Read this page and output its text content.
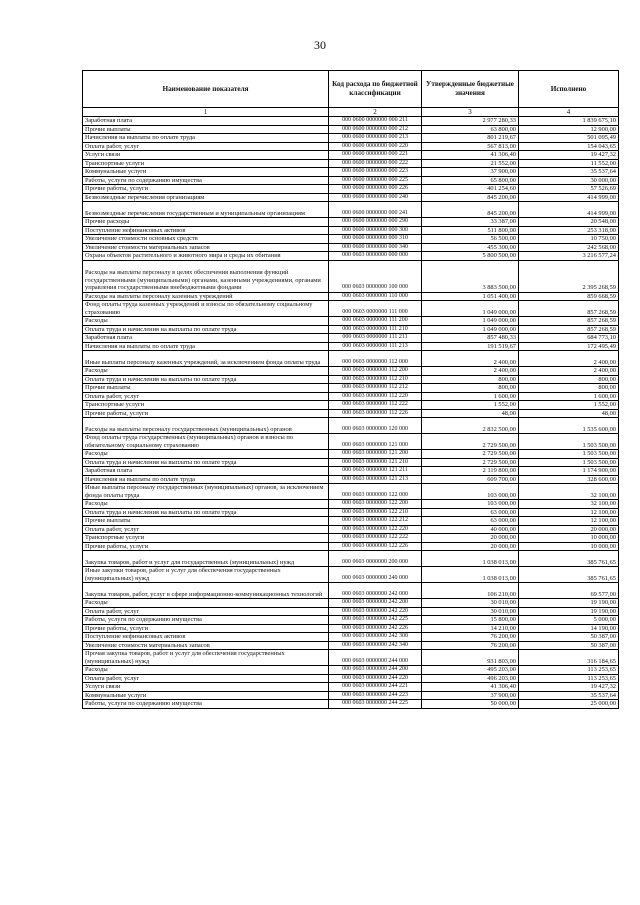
30
Наименование показателя	Код расхода по бюджетной классификации	Утвержденные бюджетные значения	Исполнено
1	2	3	4
Заработная плата	000 0600 0000000 000 211	2 977 280,33	1 839 675,10
Прочие выплаты	000 0600 0000000 000 212	63 800,00	12 900,00
Начисления на выплаты по оплате труда	000 0600 0000000 000 213	801 219,67	501 095,49
Оплата работ, услуг	000 0600 0000000 000 220	567 813,00	154 043,65
Услуги связи	000 0600 0000000 000 221	41 306,40	19 427,32
Транспортные услуги	000 0600 0000000 000 222	21 552,00	11 552,00
Коммунальные услуги	000 0600 0000000 000 223	37 900,00	35 537,64
Работы, услуги по содержанию имущества	000 0600 0000000 000 225	65 800,00	30 000,00
Прочие работы, услуги	000 0600 0000000 000 226	401 254,60	57 526,69
Безвозмездные перечисления организациям	000 0600 0000000 000 240	845 200,00	414 999,00
Безвозмездные перечисления государственным и муниципальным организациям	000 0600 0000000 000 241	845 200,00	414 999,00
Прочие расходы	000 0600 0000000 000 290	33 387,00	20 548,00
Поступление нефинансовых активов	000 0600 0000000 000 300	511 800,00	253 318,00
Увеличение стоимости основных средств	000 0600 0000000 000 310	56 500,00	10 750,00
Увеличение стоимости материальных запасов	000 0600 0000000 000 340	455 300,00	242 568,00
Охрана объектов растительного и животного мира и среды их обитания	000 0603 0000000 000 000	5 800 500,00	3 216 577,24
Расходы на выплаты персоналу в целях обеспечения выполнения функций государственными (муниципальными) органами, казенными учреждениями, органами управления государственными внебюджетными фондами	000 0603 0000000 100 000	3 883 500,00	2 395 268,59
Расходы на выплаты персоналу казенных учреждений	000 0603 0000000 110 000	1 051 400,00	859 668,59
Фонд оплаты труда казенных учреждений и взносы по обязательному социальному страхованию	000 0603 0000000 111 000	1 049 000,00	857 268,59
Расходы	000 0603 0000000 111 200	1 049 000,00	857 268,59
Оплата труда и начисления на выплаты по оплате труда	000 0603 0000000 111 210	1 049 000,00	857 268,59
Заработная плата	000 0603 0000000 111 211	857 480,33	684 773,10
Начисления на выплаты по оплате труда	000 0603 0000000 111 213	191 519,67	172 495,49
Иные выплаты персоналу казенных учреждений, за исключением фонда оплаты труда	000 0603 0000000 112 000	2 400,00	2 400,00
Расходы	000 0603 0000000 112 200	2 400,00	2 400,00
Оплата труда и начисления на выплаты по оплате труда	000 0603 0000000 112 210	800,00	800,00
Прочие выплаты	000 0603 0000000 112 212	800,00	800,00
Оплата работ, услуг	000 0603 0000000 112 220	1 600,00	1 600,00
Транспортные услуги	000 0603 0000000 112 222	1 552,00	1 552,00
Прочие работы, услуги	000 0603 0000000 112 226	48,00	48,00
Расходы на выплаты персоналу государственных (муниципальных) органов	000 0603 0000000 120 000	2 832 500,00	1 535 600,00
Фонд оплаты труда государственных (муниципальных) органов и взносы по обязательному социальному страхованию	000 0603 0000000 121 000	2 729 500,00	1 503 500,00
Расходы	000 0603 0000000 121 200	2 729 500,00	1 503 500,00
Оплата труда и начисления на выплаты по оплате труда	000 0603 0000000 121 210	2 729 500,00	1 503 500,00
Заработная плата	000 0603 0000000 121 211	2 119 800,00	1 174 900,00
Начисления на выплаты по оплате труда	000 0603 0000000 121 213	609 700,00	328 600,00
Иные выплаты персоналу государственных (муниципальных) органов, за исключением фонда оплаты труда	000 0603 0000000 122 000	103 000,00	32 100,00
Расходы	000 0603 0000000 122 200	103 000,00	32 100,00
Оплата труда и начисления на выплаты по оплате труда	000 0603 0000000 122 210	63 000,00	12 100,00
Прочие выплаты	000 0603 0000000 122 212	63 000,00	12 100,00
Оплата работ, услуг	000 0603 0000000 122 220	40 000,00	20 000,00
Транспортные услуги	000 0603 0000000 122 222	20 000,00	10 000,00
Прочие работы, услуги	000 0603 0000000 122 226	20 000,00	10 000,00
Закупка товаров, работ и услуг для государственных (муниципальных) нужд	000 0603 0000000 200 000	1 038 013,00	385 761,65
Иные закупки товаров, работ и услуг для обеспечения государственных (муниципальных) нужд	000 0603 0000000 240 000	1 038 013,00	385 761,65
Закупка товаров, работ, услуг в сфере информационно-коммуникационных технологий	000 0603 0000000 242 000	106 210,00	69 577,00
Расходы	000 0603 0000000 242 200	30 010,00	19 190,00
Оплата работ, услуг	000 0603 0000000 242 220	30 010,00	19 190,00
Работы, услуги по содержанию имущества	000 0603 0000000 242 225	15 800,00	5 000,00
Прочие работы, услуги	000 0603 0000000 242 226	14 210,00	14 190,00
Поступление нефинансовых активов	000 0603 0000000 242 300	76 200,00	50 387,00
Увеличение стоимости материальных запасов	000 0603 0000000 242 340	76 200,00	50 387,00
Прочая закупка товаров, работ и услуг для обеспечения государственных (муниципальных) нужд	000 0603 0000000 244 000	931 803,00	316 184,65
Расходы	000 0603 0000000 244 200	495 203,00	113 253,65
Оплата работ, услуг	000 0603 0000000 244 220	496 203,00	113 253,65
Услуги связи	000 0603 0000000 244 221	41 306,40	19 427,32
Коммунальные услуги	000 0603 0000000 244 223	37 900,00	35 537,64
Работы, услуги по содержанию имущества	000 0603 0000000 244 225	50 000,00	25 000,00
